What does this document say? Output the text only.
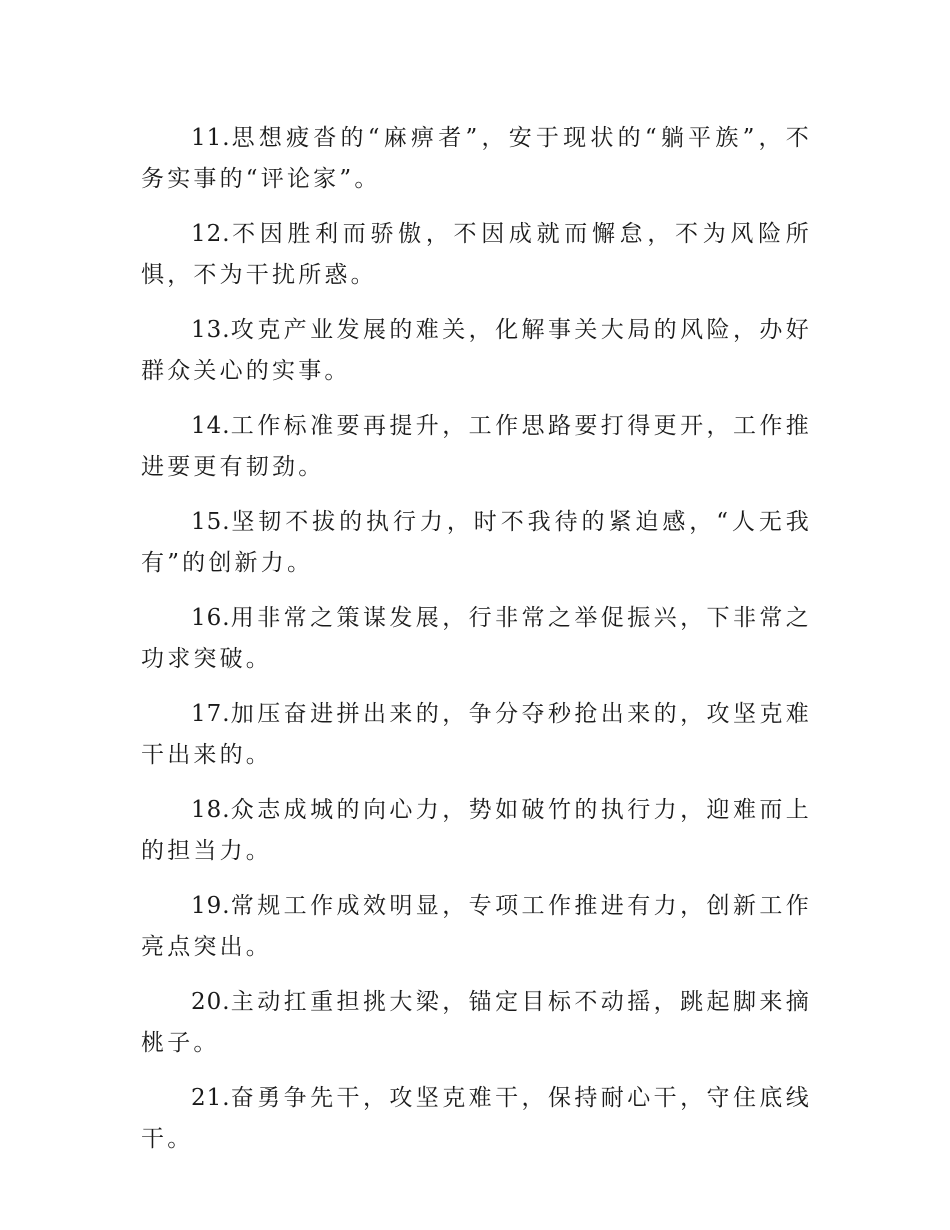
11.思想疲沓的“麻痹者”，安于现状的“躺平族”，不务实事的“评论家”。

12.不因胜利而骄傲，不因成就而懈怠，不为风险所惧，不为干扰所惑。

13.攻克产业发展的难关，化解事关大局的风险，办好群众关心的实事。

14.工作标准要再提升，工作思路要打得更开，工作推进要更有韧劲。

15.坚韧不拔的执行力，时不我待的紧迫感，“人无我有”的创新力。

16.用非常之策谋发展，行非常之举促振兴，下非常之功求突破。

17.加压奋进拼出来的，争分夺秒抢出来的，攻坚克难干出来的。

18.众志成城的向心力，势如破竹的执行力，迎难而上的担当力。

19.常规工作成效明显，专项工作推进有力，创新工作亮点突出。

20.主动扛重担挑大梁，锚定目标不动摇，跳起脚来摘桃子。

21.奋勇争先干，攻坚克难干，保持耐心干，守住底线干。
